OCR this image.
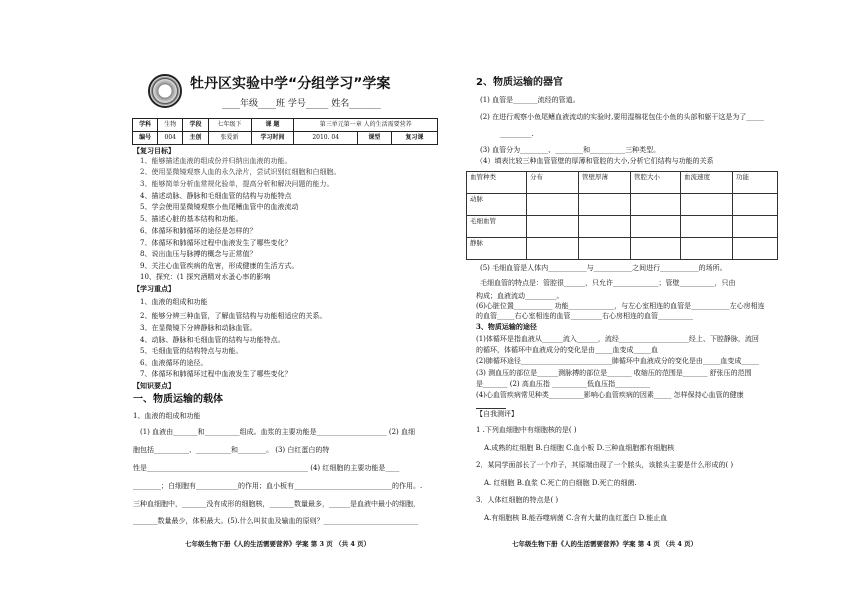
牡丹区实验中学“分组学习”学案
____年级____班 学号_____ 姓名_______
学科	生物	学段	七年级下	课 题	第三单元第一章 人的生活需要营养		
编号	004	主创	张爱新	学习时间	2010. 04	课型	复习课
【复习目标】
1、能够描述血液的组成份并归纳出血液的功能。
2、使用显微镜观察人血的永久涂片，尝试识别红细胞和白细胞。
3、能够简单分析血常规化验单，提高分析和解决问题的能力。
4、描述动脉、静脉和毛细血管的结构与功能特点
5、学会使用显微镜观察小鱼尾鳍血管中的血液流动
5、描述心脏的基本结构和功能。
6、体循环和肺循环的途径是怎样的？
7、体循环和肺循环过程中血液发生了哪些变化？
8、说出血压与脉搏的概念与正常值？
9、关注心血管疾病的危害，形成健康的生活方式。
10、探究：(1 探究酒精对水蚤心率的影响
【学习重点】
1、血液的组成和功能
2、能够分辨三种血管，了解血管结构与功能相适应的关系。
3、在显微镜下分辨静脉和动脉血管。
4、动脉、静脉和毛细血管的结构与功能特点。
5、毛细血管的结构特点与功能。
6、血液循环的途径。
7、体循环和肺循环过程中血液发生了哪些变化？
【知识要点】
一、物质运输的载体
1、血液的组成和功能
(1) 血液由_______和__________组成。血浆的主要功能是____________________ (2) 血细
胞包括__________、__________和________。 (3) 白红蛋白的特
性是______________________________________________ (4) 红细胞的主要功能是____
________；白细胞有____________的作用；血小板有____________________________的作用。.
三种血细胞中，_______没有成形的细胞核，_______数量最多，______是血液中最小的细胞，
_______数量最少，体积最大。(5).什么叫贫血及输血的原则？___________________________
七年级生物下册《人的生活需要营养》学案 第 3 页 （共 4 页）
2、物质运输的器官
(1) 血管是_______流经的管道。
(2) 在进行观察小鱼尾鳍血液流动的实验时,要用湿棉花包住小鱼的头部和躯干这是为了_____
_________.
(3) 血管分为________、________和__________三种类型。
（4）填表比较三种血管管壁的厚薄和管腔的大小,分析它们结构与功能的关系
血管种类	分布	管壁厚薄	管腔大小	血流速度	功能
动脉					
毛细血管					
静脉					
(5) 毛细血管是人体内___________与___________之间进行___________的场所。
毛细血管的特点是：管腔很______，只允许_____________；管壁__________，只由
构成；血液流动_________。
(6)心脏位置___________ 功能_____________，与左心室相连的血管是___________左心房相连
的血管_____右心室相连的血管_________右心房相连的血管__________
3、物质运输的途径
(1)体循环是指血液从______流入______，流经____________________经上、下腔静脉，流回
的循环，体循环中血液成分的变化是由_____血变成_____血
(2)肺循环途径__________________________肺循环中血液成分的变化是由_____血变成_____
(3) 测血压的部位是______测脉搏的部位是_______ 收缩压的范围是_______ 舒张压的范围
是_______ (2) 高血压指 __________低血压指__________
(4)心血管疾病常见种类__________影响心血管疾病的因素_____ 怎样保持心血管的健康
【自我测评】
1 .下列血细胞中有细胞核的是( )
A.成熟的红细胞 B.白细胞 C.血小板 D.三种血细胞都有细胞核
2．某同学面部长了一个疖子，其原端由现了一个脓头，该脓头主要是什么形成的( )
A. 红细胞 B.血浆 C.死亡的白细胞 D.死亡的细菌.
3．人体红细胞的特点是( )
A.有细胞核 B.能吞噬病菌 C.含有大量的血红蛋白 D.能止血
七年级生物下册《人的生活需要营养》学案 第 4 页 （共 4 页）
